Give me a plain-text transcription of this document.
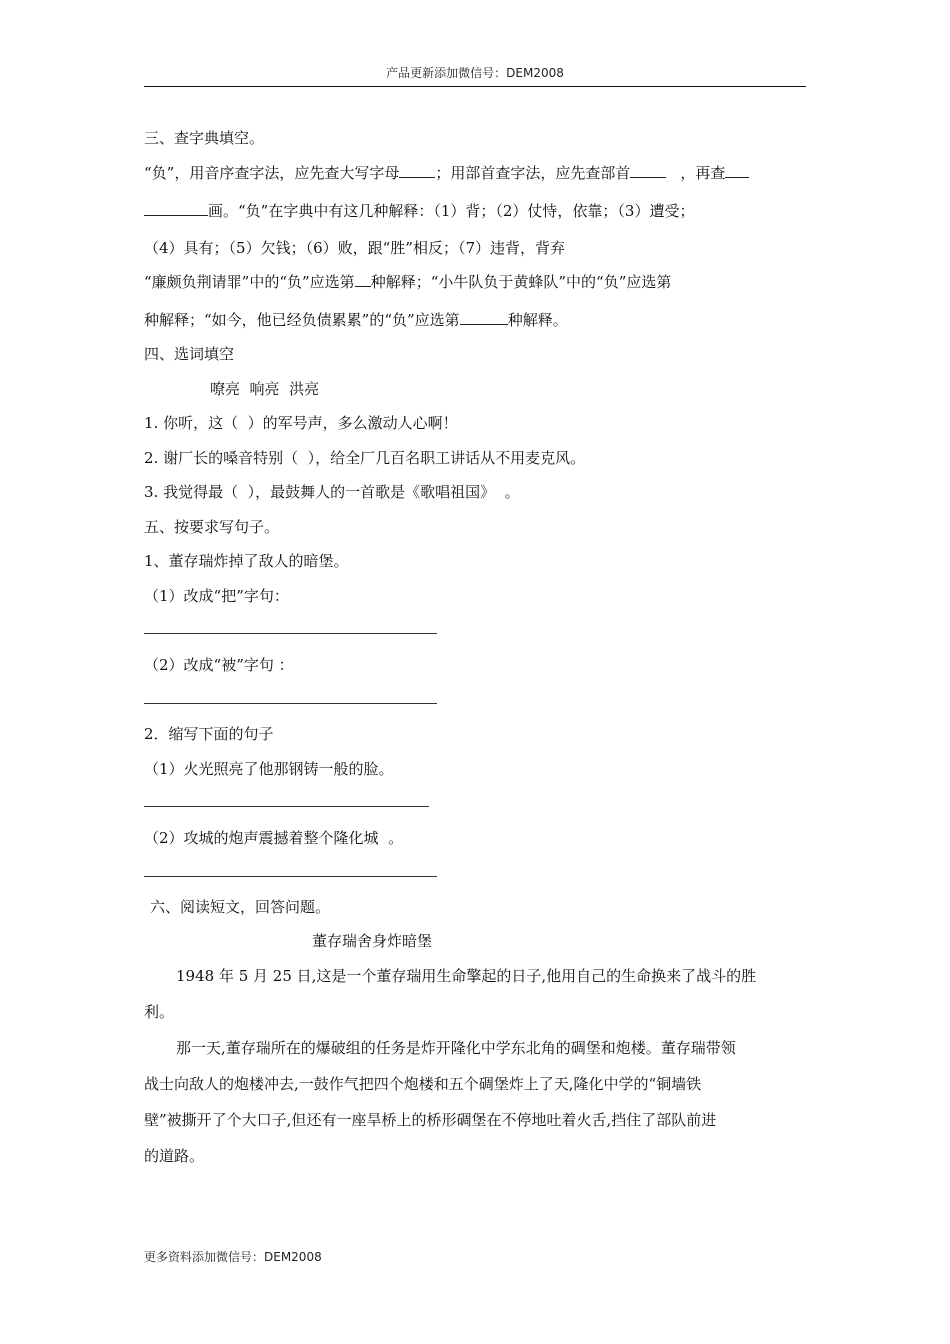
产品更新添加微信号：DEM2008
三、查字典填空。
“负”，用音序查字法，应先查大写字母 ；用部首查字法，应先查部首	，再查
画。“负”在字典中有这几种解释：（1）背；（2）仗恃，依靠；（3）遭受；
（4）具有；（5）欠钱；（6）败，跟“胜”相反；（7）违背，背弃
“廉颇负荆请罪”中的“负”应选第 种解释；“小牛队负于黄蜂队”中的“负”应选第
种解释；“如今，他已经负债累累”的“负”应选第	种解释。
四、选词填空
嘹亮  响亮  洪亮
1. 你听，这（  ）的军号声，多么激动人心啊！
2. 谢厂长的嗓音特别（  ），给全厂几百名职工讲话从不用麦克风。
3. 我觉得最（  ），最鼓舞人的一首歌是《歌唱祖国》  。
五、按要求写句子。
1、董存瑞炸掉了敌人的暗堡。
（1）改成“把”字句：
（2）改成“被”字句 ：
2．缩写下面的句子
（1）火光照亮了他那钢铸一般的脸。
（2）攻城的炮声震撼着整个隆化城  。
六、阅读短文，回答问题。
董存瑞舍身炸暗堡
1948 年 5 月 25 日,这是一个董存瑞用生命擎起的日子,他用自己的生命换来了战斗的胜
利。
那一天,董存瑞所在的爆破组的任务是炸开隆化中学东北角的碉堡和炮楼。董存瑞带领
战士向敌人的炮楼冲去,一鼓作气把四个炮楼和五个碉堡炸上了天,隆化中学的“铜墙铁
壁”被撕开了个大口子,但还有一座旱桥上的桥形碉堡在不停地吐着火舌,挡住了部队前进
的道路。
更多资料添加微信号：DEM2008
